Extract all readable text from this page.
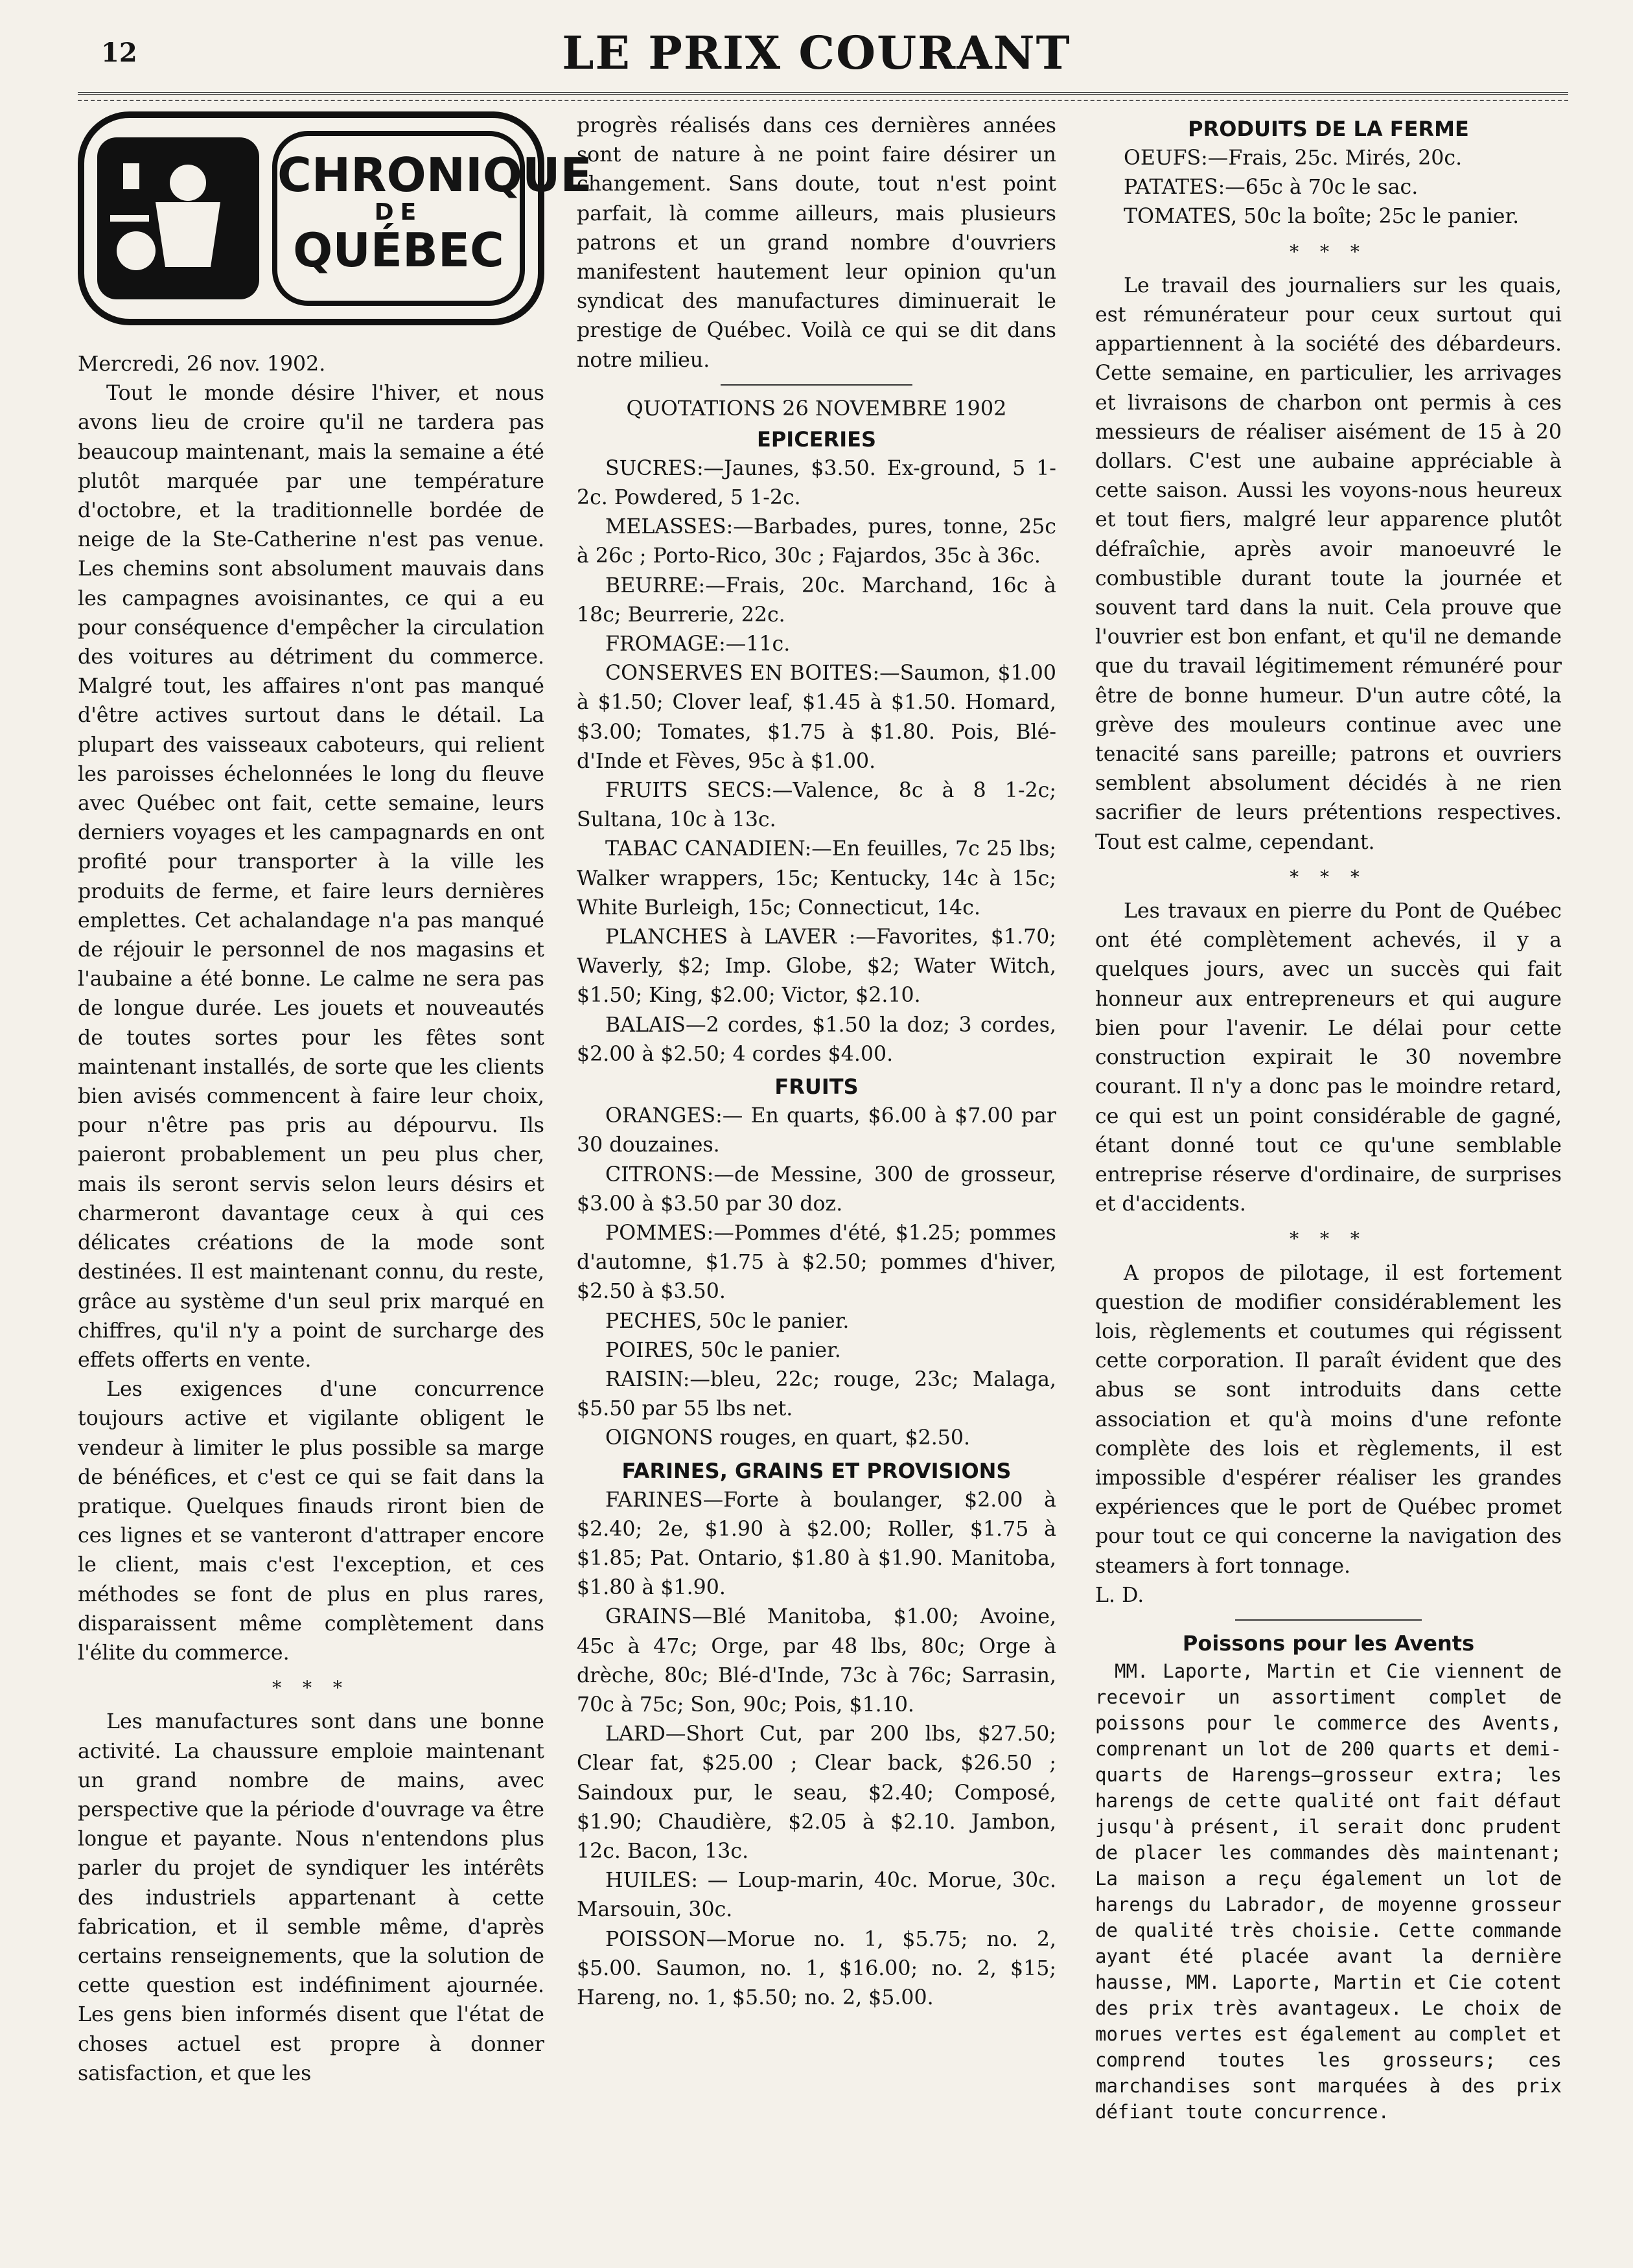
12	LE PRIX COURANT
CHRONIQUE
DE
QUÉBEC

Mercredi, 26 nov. 1902.

Tout le monde désire l'hiver, et nous avons lieu de croire qu'il ne tardera pas beaucoup maintenant, mais la semaine a été plutôt marquée par une température d'octobre, et la traditionnelle bordée de neige de la Ste-Catherine n'est pas venue. Les chemins sont absolument mauvais dans les campagnes avoisinantes, ce qui a eu pour conséquence d'empêcher la circulation des voitures au détriment du commerce. Malgré tout, les affaires n'ont pas manqué d'être actives surtout dans le détail. La plupart des vaisseaux caboteurs, qui relient les paroisses échelonnées le long du fleuve avec Québec ont fait, cette semaine, leurs derniers voyages et les campagnards en ont profité pour transporter à la ville les produits de ferme, et faire leurs dernières emplettes. Cet achalandage n'a pas manqué de réjouir le personnel de nos magasins et l'aubaine a été bonne. Le calme ne sera pas de longue durée. Les jouets et nouveautés de toutes sortes pour les fêtes sont maintenant installés, de sorte que les clients bien avisés commencent à faire leur choix, pour n'être pas pris au dépourvu. Ils paieront probablement un peu plus cher, mais ils seront servis selon leurs désirs et charmeront davantage ceux à qui ces délicates créations de la mode sont destinées. Il est maintenant connu, du reste, grâce au système d'un seul prix marqué en chiffres, qu'il n'y a point de surcharge des effets offerts en vente.

Les exigences d'une concurrence toujours active et vigilante obligent le vendeur à limiter le plus possible sa marge de bénéfices, et c'est ce qui se fait dans la pratique. Quelques finauds riront bien de ces lignes et se vanteront d'attraper encore le client, mais c'est l'exception, et ces méthodes se font de plus en plus rares, disparaissent même complètement dans l'élite du commerce.

* * *

Les manufactures sont dans une bonne activité. La chaussure emploie maintenant un grand nombre de mains, avec perspective que la période d'ouvrage va être longue et payante. Nous n'entendons plus parler du projet de syndiquer les intérêts des industriels appartenant à cette fabrication, et il semble même, d'après certains renseignements, que la solution de cette question est indéfiniment ajournée. Les gens bien informés disent que l'état de choses actuel est propre à donner satisfaction, et que les

progrès réalisés dans ces dernières années sont de nature à ne point faire désirer un changement. Sans doute, tout n'est point parfait, là comme ailleurs, mais plusieurs patrons et un grand nombre d'ouvriers manifestent hautement leur opinion qu'un syndicat des manufactures diminuerait le prestige de Québec. Voilà ce qui se dit dans notre milieu.

QUOTATIONS 26 NOVEMBRE 1902
EPICERIES

SUCRES:—Jaunes, $3.50. Ex-ground, 5 1-2c. Powdered, 5 1-2c.

MELASSES:—Barbades, pures, tonne, 25c à 26c ; Porto-Rico, 30c ; Fajardos, 35c à 36c.

BEURRE:—Frais, 20c. Marchand, 16c à 18c; Beurrerie, 22c.

FROMAGE:—11c.

CONSERVES EN BOITES:—Saumon, $1.00 à $1.50; Clover leaf, $1.45 à $1.50. Homard, $3.00; Tomates, $1.75 à $1.80. Pois, Blé-d'Inde et Fèves, 95c à $1.00.

FRUITS SECS:—Valence, 8c à 8 1-2c; Sultana, 10c à 13c.

TABAC CANADIEN:—En feuilles, 7c 25 lbs; Walker wrappers, 15c; Kentucky, 14c à 15c; White Burleigh, 15c; Connecticut, 14c.

PLANCHES à LAVER :—Favorites, $1.70; Waverly, $2; Imp. Globe, $2; Water Witch, $1.50; King, $2.00; Victor, $2.10.

BALAIS—2 cordes, $1.50 la doz; 3 cordes, $2.00 à $2.50; 4 cordes $4.00.

FRUITS

ORANGES:— En quarts, $6.00 à $7.00 par 30 douzaines.

CITRONS:—de Messine, 300 de grosseur, $3.00 à $3.50 par 30 doz.

POMMES:—Pommes d'été, $1.25; pommes d'automne, $1.75 à $2.50; pommes d'hiver, $2.50 à $3.50.

PECHES, 50c le panier.

POIRES, 50c le panier.

RAISIN:—bleu, 22c; rouge, 23c; Malaga, $5.50 par 55 lbs net.

OIGNONS rouges, en quart, $2.50.

FARINES, GRAINS ET PROVISIONS

FARINES—Forte à boulanger, $2.00 à $2.40; 2e, $1.90 à $2.00; Roller, $1.75 à $1.85; Pat. Ontario, $1.80 à $1.90. Manitoba, $1.80 à $1.90.

GRAINS—Blé Manitoba, $1.00; Avoine, 45c à 47c; Orge, par 48 lbs, 80c; Orge à drèche, 80c; Blé-d'Inde, 73c à 76c; Sarrasin, 70c à 75c; Son, 90c; Pois, $1.10.

LARD—Short Cut, par 200 lbs, $27.50; Clear fat, $25.00 ; Clear back, $26.50 ; Saindoux pur, le seau, $2.40; Composé, $1.90; Chaudière, $2.05 à $2.10. Jambon, 12c. Bacon, 13c.

HUILES: — Loup-marin, 40c. Morue, 30c. Marsouin, 30c.

POISSON—Morue no. 1, $5.75; no. 2, $5.00. Saumon, no. 1, $16.00; no. 2, $15; Hareng, no. 1, $5.50; no. 2, $5.00.

PRODUITS DE LA FERME

OEUFS:—Frais, 25c. Mirés, 20c.

PATATES:—65c à 70c le sac.

TOMATES, 50c la boîte; 25c le panier.

* * *

Le travail des journaliers sur les quais, est rémunérateur pour ceux surtout qui appartiennent à la société des débardeurs. Cette semaine, en particulier, les arrivages et livraisons de charbon ont permis à ces messieurs de réaliser aisément de 15 à 20 dollars. C'est une aubaine appréciable à cette saison. Aussi les voyons-nous heureux et tout fiers, malgré leur apparence plutôt défraîchie, après avoir manoeuvré le combustible durant toute la journée et souvent tard dans la nuit. Cela prouve que l'ouvrier est bon enfant, et qu'il ne demande que du travail légitimement rémunéré pour être de bonne humeur. D'un autre côté, la grève des mouleurs continue avec une tenacité sans pareille; patrons et ouvriers semblent absolument décidés à ne rien sacrifier de leurs prétentions respectives. Tout est calme, cependant.

* * *

Les travaux en pierre du Pont de Québec ont été complètement achevés, il y a quelques jours, avec un succès qui fait honneur aux entrepreneurs et qui augure bien pour l'avenir. Le délai pour cette construction expirait le 30 novembre courant. Il n'y a donc pas le moindre retard, ce qui est un point considérable de gagné, étant donné tout ce qu'une semblable entreprise réserve d'ordinaire, de surprises et d'accidents.

* * *

A propos de pilotage, il est fortement question de modifier considérablement les lois, règlements et coutumes qui régissent cette corporation. Il paraît évident que des abus se sont introduits dans cette association et qu'à moins d'une refonte complète des lois et règlements, il est impossible d'espérer réaliser les grandes expériences que le port de Québec promet pour tout ce qui concerne la navigation des steamers à fort tonnage.

L. D.

Poissons pour les Avents

MM. Laporte, Martin et Cie viennent de recevoir un assortiment complet de poissons pour le commerce des Avents, comprenant un lot de 200 quarts et demi-quarts de Harengs—grosseur extra; les harengs de cette qualité ont fait défaut jusqu'à présent, il serait donc prudent de placer les commandes dès maintenant; La maison a reçu également un lot de harengs du Labrador, de moyenne grosseur de qualité très choisie. Cette commande ayant été placée avant la dernière hausse, MM. Laporte, Martin et Cie cotent des prix très avantageux. Le choix de morues vertes est également au complet et comprend toutes les grosseurs; ces marchandises sont marquées à des prix défiant toute concurrence.
